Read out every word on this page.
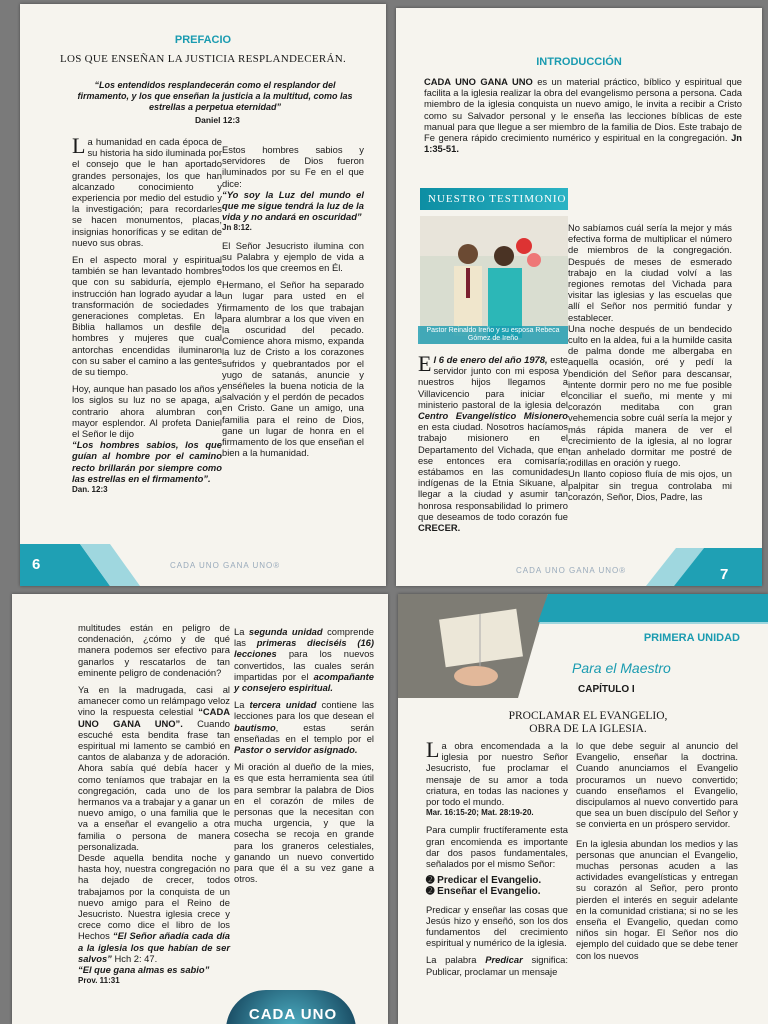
PREFACIO
LOS QUE ENSEÑAN LA JUSTICIA RESPLANDECERÁN.
“Los entendidos resplandecerán como el resplandor del firmamento, y los que enseñan la justicia a la multitud, como las estrellas a perpetua eternidad”
Daniel 12:3

La humanidad en cada época de su historia ha sido iluminada por el consejo que le han aportado grandes personajes, los que han alcanzado conocimiento y experiencia por medio del estudio y la investigación; para recordarles se hacen monumentos, placas, insignias honoríficas y se editan de nuevo sus obras.

En el aspecto moral y espiritual también se han levantado hombres que con su sabiduría, ejemplo e instrucción han logrado ayudar a la transformación de sociedades y generaciones completas. En la Biblia hallamos un desfile de hombres y mujeres que cual antorchas encendidas iluminaron con su saber el camino a las gentes de su tiempo.

Hoy, aunque han pasado los años y los siglos su luz no se apaga, al contrario ahora alumbran con mayor esplendor. Al profeta Daniel el Señor le dijo

“Los hombres sabios, los que guían al hombre por el camino recto brillarán por siempre como las estrellas en el firmamento”.

Dan. 12:3

Estos hombres sabios y servidores de Dios fueron iluminados por su Fe en el que dice:

“Yo soy la Luz del mundo el que me sigue tendrá la luz de la vida y no andará en oscuridad”

Jn 8:12.

El Señor Jesucristo ilumina con su Palabra y ejemplo de vida a todos los que creemos en Él.

Hermano, el Señor ha separado un lugar para usted en el firmamento de los que trabajan para alumbrar a los que viven en la oscuridad del pecado. Comience ahora mismo, expanda la luz de Cristo a los corazones sufridos y quebrantados por el yugo de satanás, anuncie y enséñeles la buena noticia de la salvación y el perdón de pecados en Cristo. Gane un amigo, una familia para el reino de Dios, gane un lugar de honra en el firmamento de los que enseñan el bien a la humanidad.

6	CADA UNO GANA UNO®
INTRODUCCIÓN
CADA UNO GANA UNO es un material práctico, bíblico y espiritual que facilita a la iglesia realizar la obra del evangelismo persona a persona. Cada miembro de la iglesia conquista un nuevo amigo, le invita a recibir a Cristo como su Salvador personal y le enseña las lecciones bíblicas de este manual para que llegue a ser miembro de la familia de Dios. Este trabajo de Fe genera rápido crecimiento numérico y espiritual en la congregación. Jn 1:35-51.
NUESTRO TESTIMONIO
Pastor Reinaldo Ireño y su esposa Rebeca Gómez de Ireño

El 6 de enero del año 1978, este servidor junto con mi esposa y nuestros hijos llegamos a Villavicencio para iniciar el ministerio pastoral de la iglesia del Centro Evangelístico Misionero en esta ciudad. Nosotros hacíamos trabajo misionero en el Departamento del Vichada, que en ese entonces era comisaría; estábamos en las comunidades indígenas de la Etnia Sikuane, al llegar a la ciudad y asumir tan honrosa responsabilidad lo primero que deseamos de todo corazón fue CRECER.

No sabíamos cuál sería la mejor y más efectiva forma de multiplicar el número de miembros de la congregación. Después de meses de esmerado trabajo en la ciudad volví a las regiones remotas del Vichada para visitar las iglesias y las escuelas que allí el Señor nos permitió fundar y establecer.

Una noche después de un bendecido culto en la aldea, fui a la humilde casita de palma donde me albergaba en aquella ocasión, oré y pedí la bendición del Señor para descansar, intente dormir pero no me fue posible conciliar el sueño, mi mente y mi corazón meditaba con gran vehemencia sobre cuál sería la mejor y más rápida manera de ver el crecimiento de la iglesia, al no lograr tan anhelado dormitar me postré de rodillas en oración y ruego.

Un llanto copioso fluía de mis ojos, un palpitar sin tregua controlaba mi corazón, Señor, Dios, Padre, las

CADA UNO GANA UNO®	7

multitudes están en peligro de condenación, ¿cómo y de qué manera podemos ser efectivo para ganarlos y rescatarlos de tan eminente peligro de condenación?

Ya en la madrugada, casi al amanecer como un relámpago veloz vino la respuesta celestial “CADA UNO GANA UNO”. Cuando escuché esta bendita frase tan espiritual mi lamento se cambió en cantos de alabanza y de adoración. Ahora sabía qué debía hacer y como teníamos que trabajar en la congregación, cada uno de los hermanos va a trabajar y a ganar un nuevo amigo, o una familia que le va a enseñar el evangelio a otra familia o persona de manera personalizada.

Desde aquella bendita noche y hasta hoy, nuestra congregación no ha dejado de crecer, todos trabajamos por la conquista de un nuevo amigo para el Reino de Jesucristo. Nuestra iglesia crece y crece como dice el libro de los Hechos “El Señor añadía cada día a la iglesia los que habían de ser salvos” Hch 2: 47.

“El que gana almas es sabio”

Prov. 11:31

La segunda unidad comprende las primeras dieciséis (16) lecciones para los nuevos convertidos, las cuales serán impartidas por el acompañante y consejero espiritual.

La tercera unidad contiene las lecciones para los que desean el bautismo, estas serán enseñadas en el templo por el Pastor o servidor asignado.

Mi oración al dueño de la mies, es que esta herramienta sea útil para sembrar la palabra de Dios en el corazón de miles de personas que la necesitan con mucha urgencia, y que la cosecha se recoja en grande para los graneros celestiales, ganando un nuevo convertido para que él a su vez gane a otros.

CADA UNO
PRIMERA UNIDAD
Para el Maestro
CAPÍTULO I
PROCLAMAR EL EVANGELIO,
OBRA DE LA IGLESIA.

La obra encomendada a la iglesia por nuestro Señor Jesucristo, fue proclamar el mensaje de su amor a toda criatura, en todas las naciones y por todo el mundo.

Mar. 16:15-20; Mat. 28:19-20.

Para cumplir fructíferamente esta gran encomienda es importante dar dos pasos fundamentales, señalados por el mismo Señor:

➋ Predicar el Evangelio.

➋ Enseñar el Evangelio.

Predicar y enseñar las cosas que Jesús hizo y enseñó, son los dos fundamentos del crecimiento espiritual y numérico de la iglesia.

La palabra Predicar significa: Publicar, proclamar un mensaje

lo que debe seguir al anuncio del Evangelio, enseñar la doctrina. Cuando anunciamos el Evangelio procuramos un nuevo convertido; cuando enseñamos el Evangelio, discipulamos al nuevo convertido para que sea un buen discípulo del Señor y se convierta en un próspero servidor.

En la iglesia abundan los medios y las personas que anuncian el Evangelio, muchas personas acuden a las actividades evangelísticas y entregan su corazón al Señor, pero pronto pierden el interés en seguir adelante en la comunidad cristiana; si no se les enseña el Evangelio, quedan como niños sin hogar. El Señor nos dio ejemplo del cuidado que se debe tener con los nuevos
